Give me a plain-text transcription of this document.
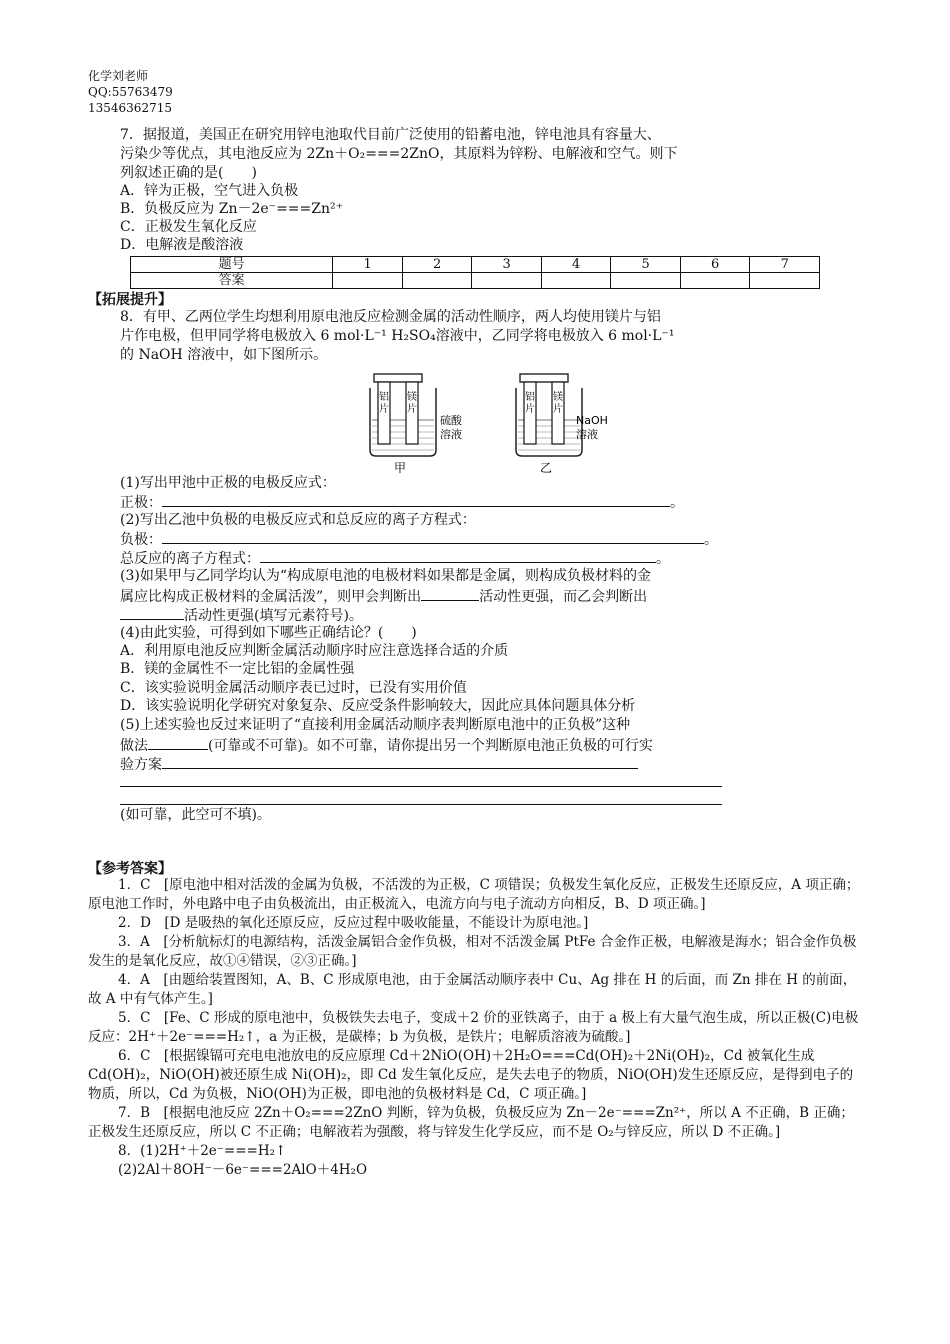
化学刘老师
QQ:55763479
13546362715
7．据报道，美国正在研究用锌电池取代目前广泛使用的铅蓄电池，锌电池具有容量大、
污染少等优点，其电池反应为 2Zn＋O₂===2ZnO，其原料为锌粉、电解液和空气。则下
列叙述正确的是(　　)
A．锌为正极，空气进入负极
B．负极反应为 Zn－2e⁻===Zn²⁺
C．正极发生氧化反应
D．电解液是酸溶液
题号	1	2	3	4	5	6	7
答案							
【拓展提升】
8．有甲、乙两位学生均想利用原电池反应检测金属的活动性顺序，两人均使用镁片与铝
片作电极，但甲同学将电极放入 6 mol·L⁻¹ H₂SO₄溶液中，乙同学将电极放入 6 mol·L⁻¹
的 NaOH 溶液中，如下图所示。
铝
片
镁
片
硫酸
溶液
甲
铝
片
镁
片
NaOH
溶液
乙
(1)写出甲池中正极的电极反应式：
正极：	。
(2)写出乙池中负极的电极反应式和总反应的离子方程式：
负极：	。
总反应的离子方程式：	。
(3)如果甲与乙同学均认为“构成原电池的电极材料如果都是金属，则构成负极材料的金
属应比构成正极材料的金属活泼”，则甲会判断出	活动性更强，而乙会判断出
活动性更强(填写元素符号)。
(4)由此实验，可得到如下哪些正确结论？(　　)
A．利用原电池反应判断金属活动顺序时应注意选择合适的介质
B．镁的金属性不一定比铝的金属性强
C．该实验说明金属活动顺序表已过时，已没有实用价值
D．该实验说明化学研究对象复杂、反应受条件影响较大，因此应具体问题具体分析
(5)上述实验也反过来证明了“直接利用金属活动顺序表判断原电池中的正负极”这种
做法	(可靠或不可靠)。如不可靠，请你提出另一个判断原电池正负极的可行实
验方案
(如可靠，此空可不填)。
【参考答案】

1．C　[原电池中相对活泼的金属为负极，不活泼的为正极，C 项错误；负极发生氧化反应，正极发生还原反应，A 项正确；原电池工作时，外电路中电子由负极流出，由正极流入，电流方向与电子流动方向相反，B、D 项正确。]

2．D　[D 是吸热的氧化还原反应，反应过程中吸收能量，不能设计为原电池。]

3．A　[分析航标灯的电源结构，活泼金属铝合金作负极，相对不活泼金属 PtFe 合金作正极，电解液是海水；铝合金作负极发生的是氧化反应，故①④错误，②③正确。]

4．A　[由题给装置图知，A、B、C 形成原电池，由于金属活动顺序表中 Cu、Ag 排在 H 的后面，而 Zn 排在 H 的前面，故 A 中有气体产生。]

5．C　[Fe、C 形成的原电池中，负极铁失去电子，变成＋2 价的亚铁离子，由于 a 极上有大量气泡生成，所以正极(C)电极反应：2H⁺＋2e⁻===H₂↑，a 为正极，是碳棒；b 为负极，是铁片；电解质溶液为硫酸。]

6．C　[根据镍镉可充电电池放电的反应原理 Cd＋2NiO(OH)＋2H₂O===Cd(OH)₂＋2Ni(OH)₂，Cd 被氧化生成 Cd(OH)₂，NiO(OH)被还原生成 Ni(OH)₂，即 Cd 发生氧化反应，是失去电子的物质，NiO(OH)发生还原反应，是得到电子的物质，所以，Cd 为负极，NiO(OH)为正极，即电池的负极材料是 Cd，C 项正确。]

7．B　[根据电池反应 2Zn＋O₂===2ZnO 判断，锌为负极，负极反应为 Zn－2e⁻===Zn²⁺，所以 A 不正确，B 正确；正极发生还原反应，所以 C 不正确；电解液若为强酸，将与锌发生化学反应，而不是 O₂与锌反应，所以 D 不正确。]

8．(1)2H⁺＋2e⁻===H₂↑

(2)2Al＋8OH⁻－6e⁻===2AlO＋4H₂O
